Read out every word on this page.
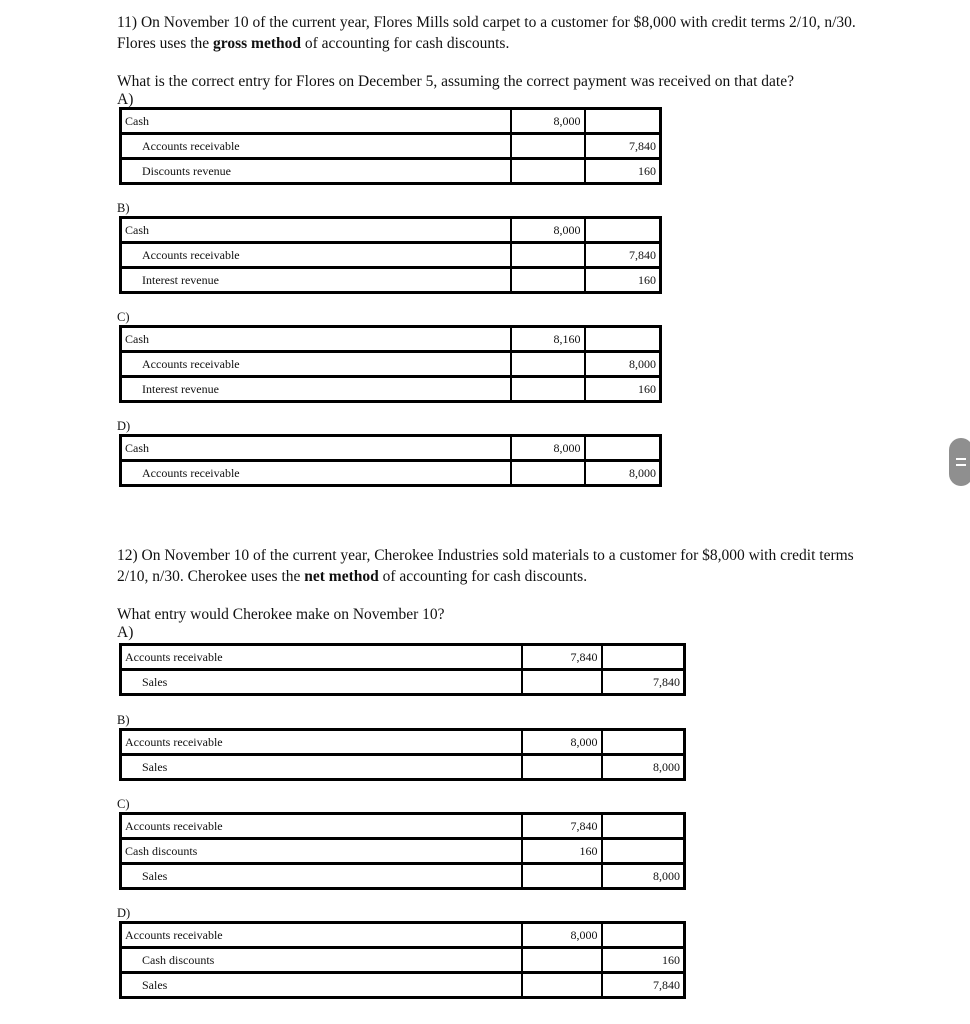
11) On November 10 of the current year, Flores Mills sold carpet to a customer for $8,000 with credit terms 2/10, n/30. Flores uses the gross method of accounting for cash discounts.

What is the correct entry for Flores on December 5, assuming the correct payment was received on that date?

A)
Cash	8,000	
Accounts receivable		7,840
Discounts revenue		160
B)
Cash	8,000	
Accounts receivable		7,840
Interest revenue		160
C)
Cash	8,160	
Accounts receivable		8,000
Interest revenue		160
D)
Cash	8,000	
Accounts receivable		8,000

12) On November 10 of the current year, Cherokee Industries sold materials to a customer for $8,000 with credit terms 2/10, n/30. Cherokee uses the net method of accounting for cash discounts.

What entry would Cherokee make on November 10?

A)
Accounts receivable	7,840	
Sales		7,840
B)
Accounts receivable	8,000	
Sales		8,000
C)
Accounts receivable	7,840	
Cash discounts	160	
Sales		8,000
D)
Accounts receivable	8,000	
Cash discounts		160
Sales		7,840
